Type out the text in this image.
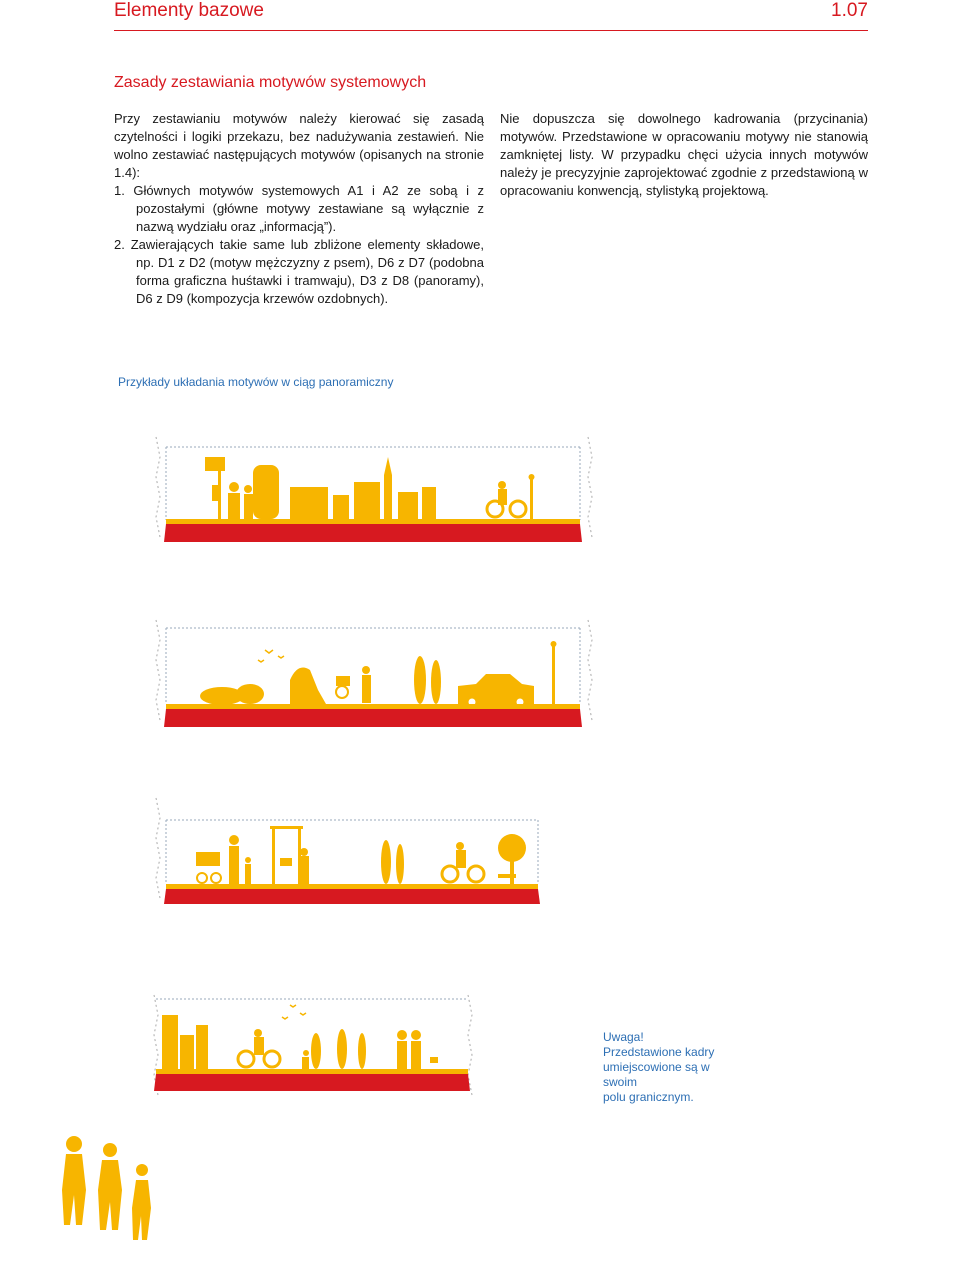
Elementy bazowe	1.07
Zasady zestawiania motywów systemowych

Przy zestawianiu motywów należy kierować się zasadą czytelności i logiki przekazu, bez nadużywania zestawień. Nie wolno zestawiać następujących motywów (opisanych na stronie 1.4):

1. Głównych motywów systemowych A1 i A2 ze sobą i z pozostałymi (główne motywy zestawiane są wyłącznie z nazwą wydziału oraz „informacją”).
2. Zawierających takie same lub zbliżone elementy składowe, np. D1 z D2 (motyw mężczyzny z psem), D6 z D7 (podobna forma graficzna huśtawki i tramwaju), D3 z D8 (panoramy), D6 z D9 (kompozycja krzewów ozdobnych).

Nie dopuszcza się dowolnego kadrowania (przycinania) motywów. Przedstawione w opracowaniu motywy nie stanowią zamkniętej listy. W przypadku chęci użycia innych motywów należy je precyzyjnie zaprojektować zgodnie z przedstawioną w opracowaniu konwencją, stylistyką projektową.

Przykłady układania motywów w ciąg panoramiczny
Uwaga!
Przedstawione kadry
umiejscowione są w swoim
polu granicznym.
